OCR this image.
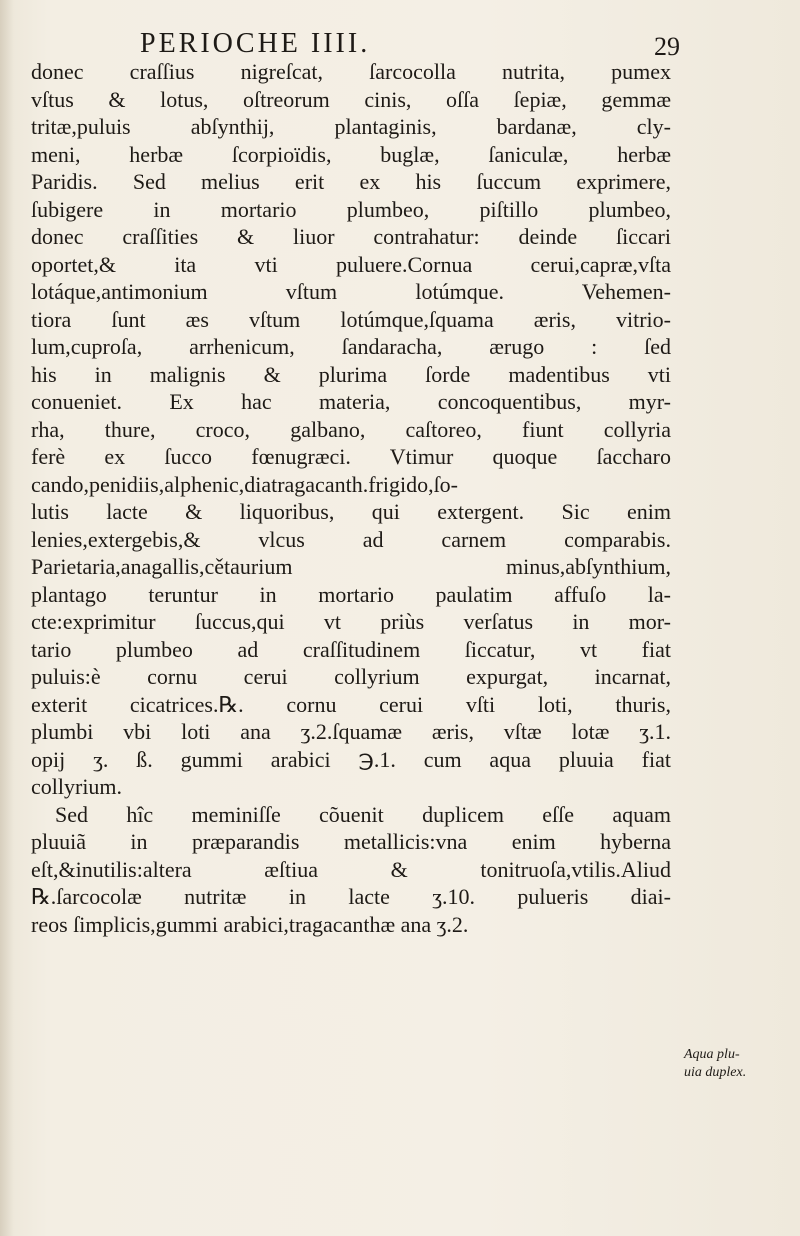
PERIOCHE IIII.	29
donec craſſius nigreſcat, ſarcocolla nutrita, pumex
vſtus & lotus, oſtreorum cinis, oſſa ſepiæ, gemmæ
tritæ,puluis abſynthij, plantaginis, bardanæ, cly-
meni, herbæ ſcorpioïdis, buglæ, ſaniculæ, herbæ
Paridis. Sed melius erit ex his ſuccum exprimere,
ſubigere in mortario plumbeo, piſtillo plumbeo,
donec craſſities & liuor contrahatur: deinde ſiccari
oportet,& ita vti puluere.Cornua cerui,capræ,vſta
lotáque,antimonium vſtum lotúmque. Vehemen-
tiora ſunt æs vſtum lotúmque,ſquama æris, vitrio-
lum,cuproſa, arrhenicum, ſandaracha, ærugo : ſed
his in malignis & plurima ſorde madentibus vti
conueniet. Ex hac materia, concoquentibus, myr-
rha, thure, croco, galbano, caſtoreo, fiunt collyria
ferè ex ſucco fœnugræci. Vtimur quoque ſaccharo
cando,penidiis,alphenic,diatragacanth.frigido,ſo-
lutis lacte & liquoribus, qui extergent. Sic enim
lenies,extergebis,& vlcus ad carnem comparabis.
Parietaria,anagallis,cětaurium minus,abſynthium,
plantago teruntur in mortario paulatim affuſo la-
cte:exprimitur ſuccus,qui vt priùs verſatus in mor-
tario plumbeo ad craſſitudinem ſiccatur, vt fiat
puluis:è cornu cerui collyrium expurgat, incarnat,
exterit cicatrices.℞. cornu cerui vſti loti, thuris,
plumbi vbi loti ana ʒ.2.ſquamæ æris, vſtæ lotæ ʒ.1.
opij ʒ. ß. gummi arabici ℈.1. cum aqua pluuia fiat
collyrium.
Sed hîc meminiſſe cõuenit duplicem eſſe aquam
pluuiã in præparandis metallicis:vna enim hyberna
eſt,&inutilis:altera æſtiua & tonitruoſa,vtilis.Aliud
℞.ſarcocolæ nutritæ in lacte ʒ.10. pulueris diai-
reos ſimplicis,gummi arabici,tragacanthæ ana ʒ.2.
Aqua plu-
uia duplex.
